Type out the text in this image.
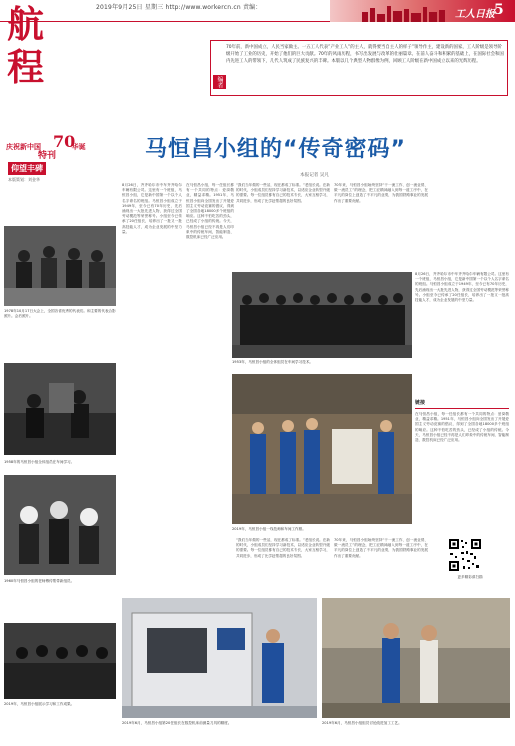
2019年9月25日 星期三 http://www.workercn.cn 责编：
工人日报 5
航
程
庆祝新中国	华诞
70
特刊
仰望丰碑
本版策划：刘金华
1978年10月17日大会上，全国各省优秀的代表们。和主要的代表合影照片。会后照片。
1958年的马恒昌小组全体组员在车间学习。
1960年马恒昌小组的老师傅传帮带新组员。
编者
70年前，新中国成立，人民当家做主。一五工人代表”产业工人”的主人，就得要当自主人的样子”领导作主，建设新的国家，工人阶级是领导阶级开始了工业的历史，开始了他们的巨大贡献。70年的风雨历程，书写出发展与改革的壮丽篇章。在前人奋斗和积累的基础上，在国际社会和国内先进工人的带领下，几代人筑成了民族复兴的丰碑。本版以几个典型人物群像为例，回顾工人阶级在新中国成立以来的光辉历程。
马恒昌小组的“传奇密码”
本报记者 吴凡
8月26日，齐齐哈尔市中车齐齐哈尔车辆有限公司。这里有一个班组，马恒昌小组，它是新中国第一个以个人名字命名的班组。马恒昌小组成立于1949年，至今已有70年历史，先后涌现出一大批先进人物，获得过全国劳动模范等荣誉称号。小组至今已传承了20任组长，培养出了一批又一批高技能人才，成为企业发展的中坚力量。
在马恒昌小组，每一任组长都有一个共同的特点：爱岗敬业，精益求精。1951年，马恒昌小组向全国发出了开展爱国主义劳动竞赛的倡议，得到了全国各地18000多个班组的响应。这种不怕吃苦的劲头，已经成了小组的传统。今天，马恒昌小组已经不再是人们印象中的传统车间，智能制造、数控机床已经广泛应用。
“我们当年做的一些活，现在都成了标准。”老组长说。在新的时代，小组成员们坚持学习新技术，以适应企业转型升级的需要。每一位组员都有自己的技术专长，大家互相学习，共同进步，形成了比学赶帮超的良好氛围。
70年来，马恒昌小组始终坚持“干一流工作、创一流业绩、做一流员工”的理念，把工匠精神融入到每一道工序中，在平凡的岗位上创造了不平凡的业绩，为我国铁路事业的发展作出了重要贡献。
1953年，马恒昌小组的全体组员在车间学习技术。
2019年，马恒昌小组一线技师和车间工作照。
8月26日，齐齐哈尔市中车齐齐哈尔车辆有限公司。这里有一个班组，马恒昌小组，它是新中国第一个以个人名字命名的班组。马恒昌小组成立于1949年，至今已有70年历史，先后涌现出一大批先进人物，获得过全国劳动模范等荣誉称号。小组至今已传承了20任组长，培养出了一批又一批高技能人才，成为企业发展的中坚力量。
链接
在马恒昌小组，每一任组长都有一个共同的特点：爱岗敬业，精益求精。1951年，马恒昌小组向全国发出了开展爱国主义劳动竞赛的倡议，得到了全国各地18000多个班组的响应。这种不怕吃苦的劲头，已经成了小组的传统。今天，马恒昌小组已经不再是人们印象中的传统车间，智能制造、数控机床已经广泛应用。
更多精彩请扫描
“我们当年做的一些活，现在都成了标准。”老组长说。在新的时代，小组成员们坚持学习新技术，以适应企业转型升级的需要。每一位组员都有自己的技术专长，大家互相学习，共同进步，形成了比学赶帮超的良好氛围。
70年来，马恒昌小组始终坚持“干一流工作、创一流业绩、做一流员工”的理念，把工匠精神融入到每一道工序中，在平凡的岗位上创造了不平凡的业绩，为我国铁路事业的发展作出了重要贡献。
2019年6月，马恒昌小组第20任组长在数控机床前测量刀具的精度。	2019年6月，马恒昌小组组员讨论改进加工工艺。
2019年，马恒昌小组展示学习和工作成果。
